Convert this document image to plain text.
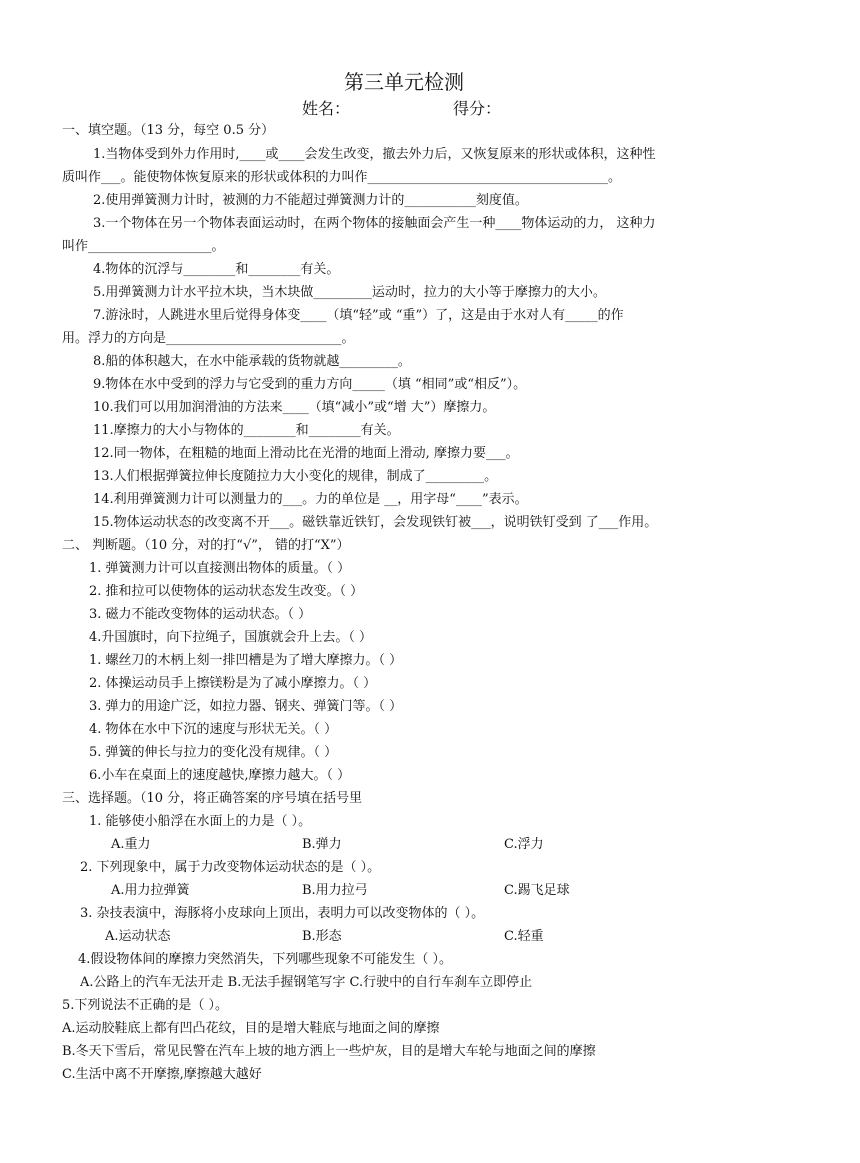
第三单元检测
姓名：	得分：
一、填空题。（13 分，每空 0.5 分）
1.当物体受到外力作用时,____或____会发生改变，撤去外力后，又恢复原来的形状或体积，这种性
质叫作___。能使物体恢复原来的形状或体积的力叫作_____________________________________。
2.使用弹簧测力计时，被测的力不能超过弹簧测力计的___________刻度值。
3.一个物体在另一个物体表面运动时，在两个物体的接触面会产生一种____物体运动的力， 这种力
叫作___________________。
4.物体的沉浮与________和________有关。
5.用弹簧测力计水平拉木块，当木块做_________运动时，拉力的大小等于摩擦力的大小。
7.游泳时，人跳进水里后觉得身体变____（填“轻”或 “重”）了，这是由于水对人有_____的作
用。浮力的方向是___________________________。
8.船的体积越大，在水中能承载的货物就越_________。
9.物体在水中受到的浮力与它受到的重力方向_____（填 “相同”或“相反”）。
10.我们可以用加润滑油的方法来____（填“减小”或“增 大”）摩擦力。
11.摩擦力的大小与物体的________和________有关。
12.同一物体，在粗糙的地面上滑动比在光滑的地面上滑动, 摩擦力要___。
13.人们根据弹簧拉伸长度随拉力大小变化的规律，制成了_________。
14.利用弹簧测力计可以测量力的___。力的单位是 __，用字母“____”表示。
15.物体运动状态的改变离不开___。磁铁靠近铁钉，会发现铁钉被___，说明铁钉受到 了___作用。
二、 判断题。（10 分，对的打“√”， 错的打“X”）
1. 弹簧测力计可以直接测出物体的质量。（ ）
2. 推和拉可以使物体的运动状态发生改变。（ ）
3. 磁力不能改变物体的运动状态。（ ）
4.升国旗时，向下拉绳子，国旗就会升上去。（ ）
1. 螺丝刀的木柄上刻一排凹槽是为了增大摩擦力。（ ）
2. 体操运动员手上擦镁粉是为了减小摩擦力。（ ）
3. 弹力的用途广泛，如拉力器、钢夹、弹簧门等。（ ）
4. 物体在水中下沉的速度与形状无关。（ ）
5. 弹簧的伸长与拉力的变化没有规律。（ ）
6.小车在桌面上的速度越快,摩擦力越大。（ ）
三、选择题。（10 分，将正确答案的序号填在括号里
1. 能够使小船浮在水面上的力是（ ）。
A.重力	B.弹力	C.浮力
2. 下列现象中，属于力改变物体运动状态的是（ ）。
A.用力拉弹簧	B.用力拉弓	C.踢飞足球
3. 杂技表演中，海豚将小皮球向上顶出，表明力可以改变物体的（ ）。
A.运动状态	B.形态	C.轻重
4.假设物体间的摩擦力突然消失，下列哪些现象不可能发生（ ）。
A.公路上的汽车无法开走 B.无法手握钢笔写字 C.行驶中的自行车刹车立即停止
5.下列说法不正确的是（ ）。
A.运动胶鞋底上都有凹凸花纹，目的是增大鞋底与地面之间的摩擦
B.冬天下雪后，常见民警在汽车上坡的地方洒上一些炉灰，目的是增大车轮与地面之间的摩擦
C.生活中离不开摩擦,摩擦越大越好
